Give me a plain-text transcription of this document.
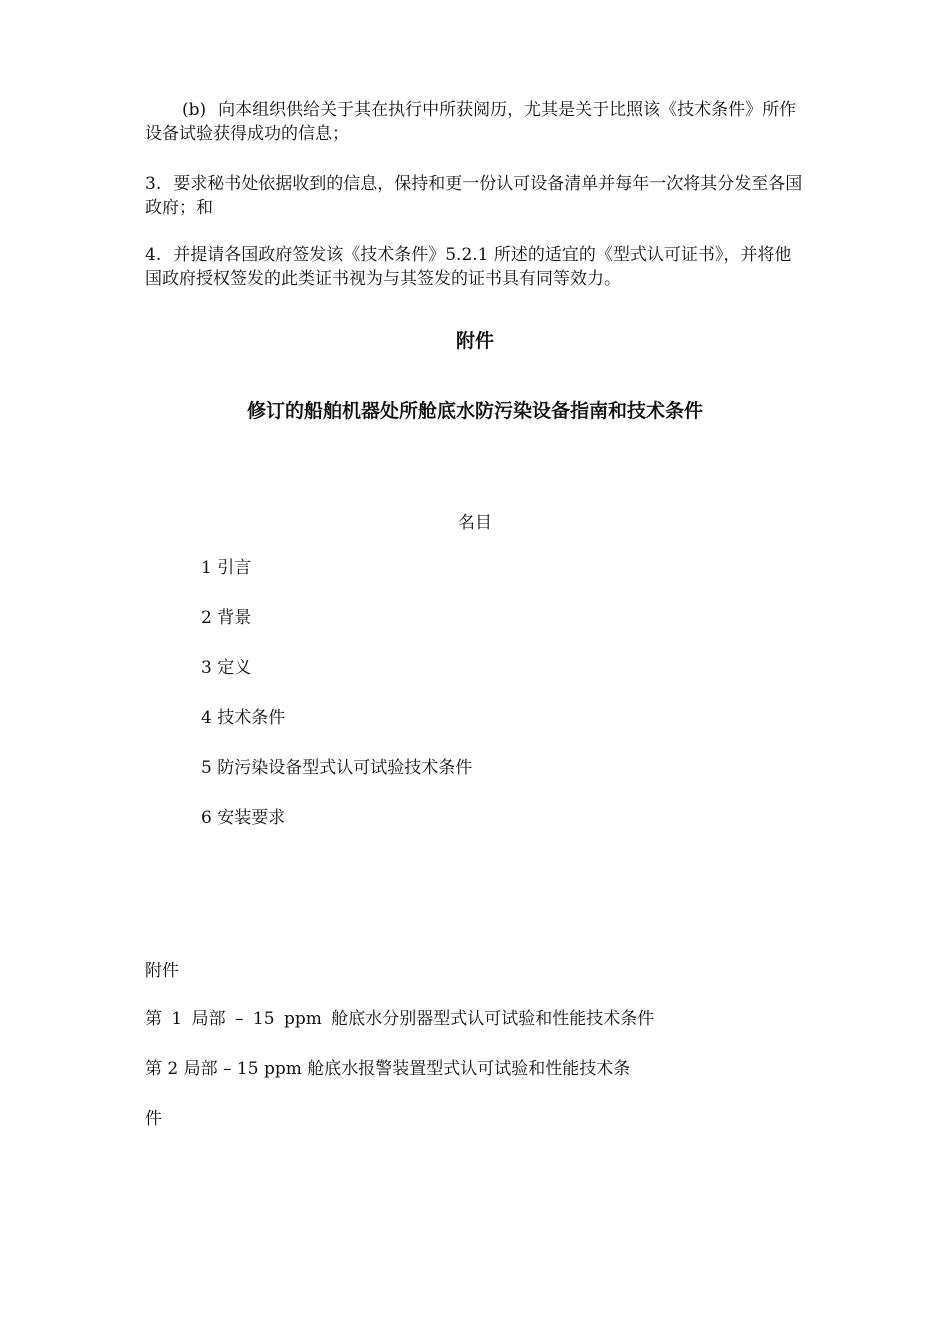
(b) 向本组织供给关于其在执行中所获阅历，尤其是关于比照该《技术条件》所作设备试验获得成功的信息；

3. 要求秘书处依据收到的信息，保持和更一份认可设备清单并每年一次将其分发至各国政府；和

4. 并提请各国政府签发该《技术条件》5.2.1 所述的适宜的《型式认可证书》，并将他国政府授权签发的此类证书视为与其签发的证书具有同等效力。

附件
修订的船舶机器处所舱底水防污染设备指南和技术条件

名目

1 引言
2 背景
3 定义
4 技术条件
5 防污染设备型式认可试验技术条件
6 安装要求

附件

第 1 局部 – 15 ppm 舱底水分别器型式认可试验和性能技术条件

第 2 局部 – 15 ppm 舱底水报警装置型式认可试验和性能技术条

件
